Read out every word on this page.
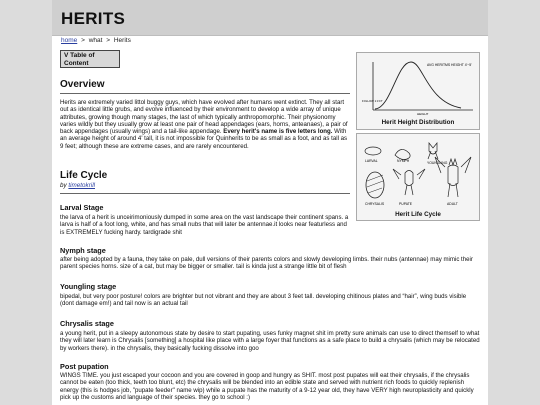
HERITS
home > what > Herits
V Table of Content
Overview
Herits are extremely varied littol buggy guys, which have evolved after humans went extinct. They all start out as identical little grubs, and evolve influenced by their environment to develop a wide array of unique attributes, growing though many stages, the last of which typically anthropomorphic. Their physionomy varies wildly but they usually grow at least one pair of head appendages (ears, horns, anteanaes), a pair of back appendages (usually wings) and a tail-like appendage. Every herit's name is five letters long. With an average height of around 4' tall, it is not impossible for Quinherits to be as small as a foot, and as tall as 9 feet; although these are extreme cases, and are rarely encountered.
Life Cycle
by timetokrill
Larval Stage
the larva of a herit is unceirimoniously dumped in some area on the vast landscape their continent spans. a larva is half of a foot long, white, and has small nubs that will later be antennae.it looks near featurless and is EXTREMELY fucking hardy. tardigrade shit
Nymph stage
after being adopted by a fauna, they take on pale, dull versions of their parents colors and slowly developing limbs. their nubs (antennae) may mimic their parent species horns. size of a cat, but may be bigger or smaller. tail is kinda just a strange little bit of flesh
Youngling stage
bipedal, but very poor posture! colors are brighter but not vibrant and they are about 3 feet tall. developing chitinous plates and “hair”, wing buds visible (dont damage em!) and tail now is an actual tail
Chrysalis stage
a young herit, put in a sleepy autonomous state by desire to start pupating, uses funky magnet shit im pretty sure animals can use to direct themself to what they will later learn is Chrysalis [something] a hospital like place with a large foyer that functions as a safe place to build a chrysalis (which may be relocated by workers there). in the chrysalis, they basically fucking dissolve into goo
Post pupation
WINGS TIME. you just escaped your cocoon and you are covered in goop and hungry as SHIT. most post pupates will eat their chrysalis, if the chrysalis cannot be eaten (too thick, teeth too blunt, etc) the chrysalis will be blended into an edible state and served with nutrient rich foods to quickly replenish energy (this is hodges job, "pupate feeder" name wip) while a pupate has the maturity of a 9-12 year old, they have VERY high neuroplasticity and quickly pick up the customs and language of their species. they go to school :)
AVG HERITMS HEIGHT 4'~5'
FOLLOW 1:3 FT
HEIGHT
Herit Height Distribution
LARVAL	NYMPH	YOUNGLING
CHRYSALIS	PUPATE	ADULT
Herit Life Cycle
